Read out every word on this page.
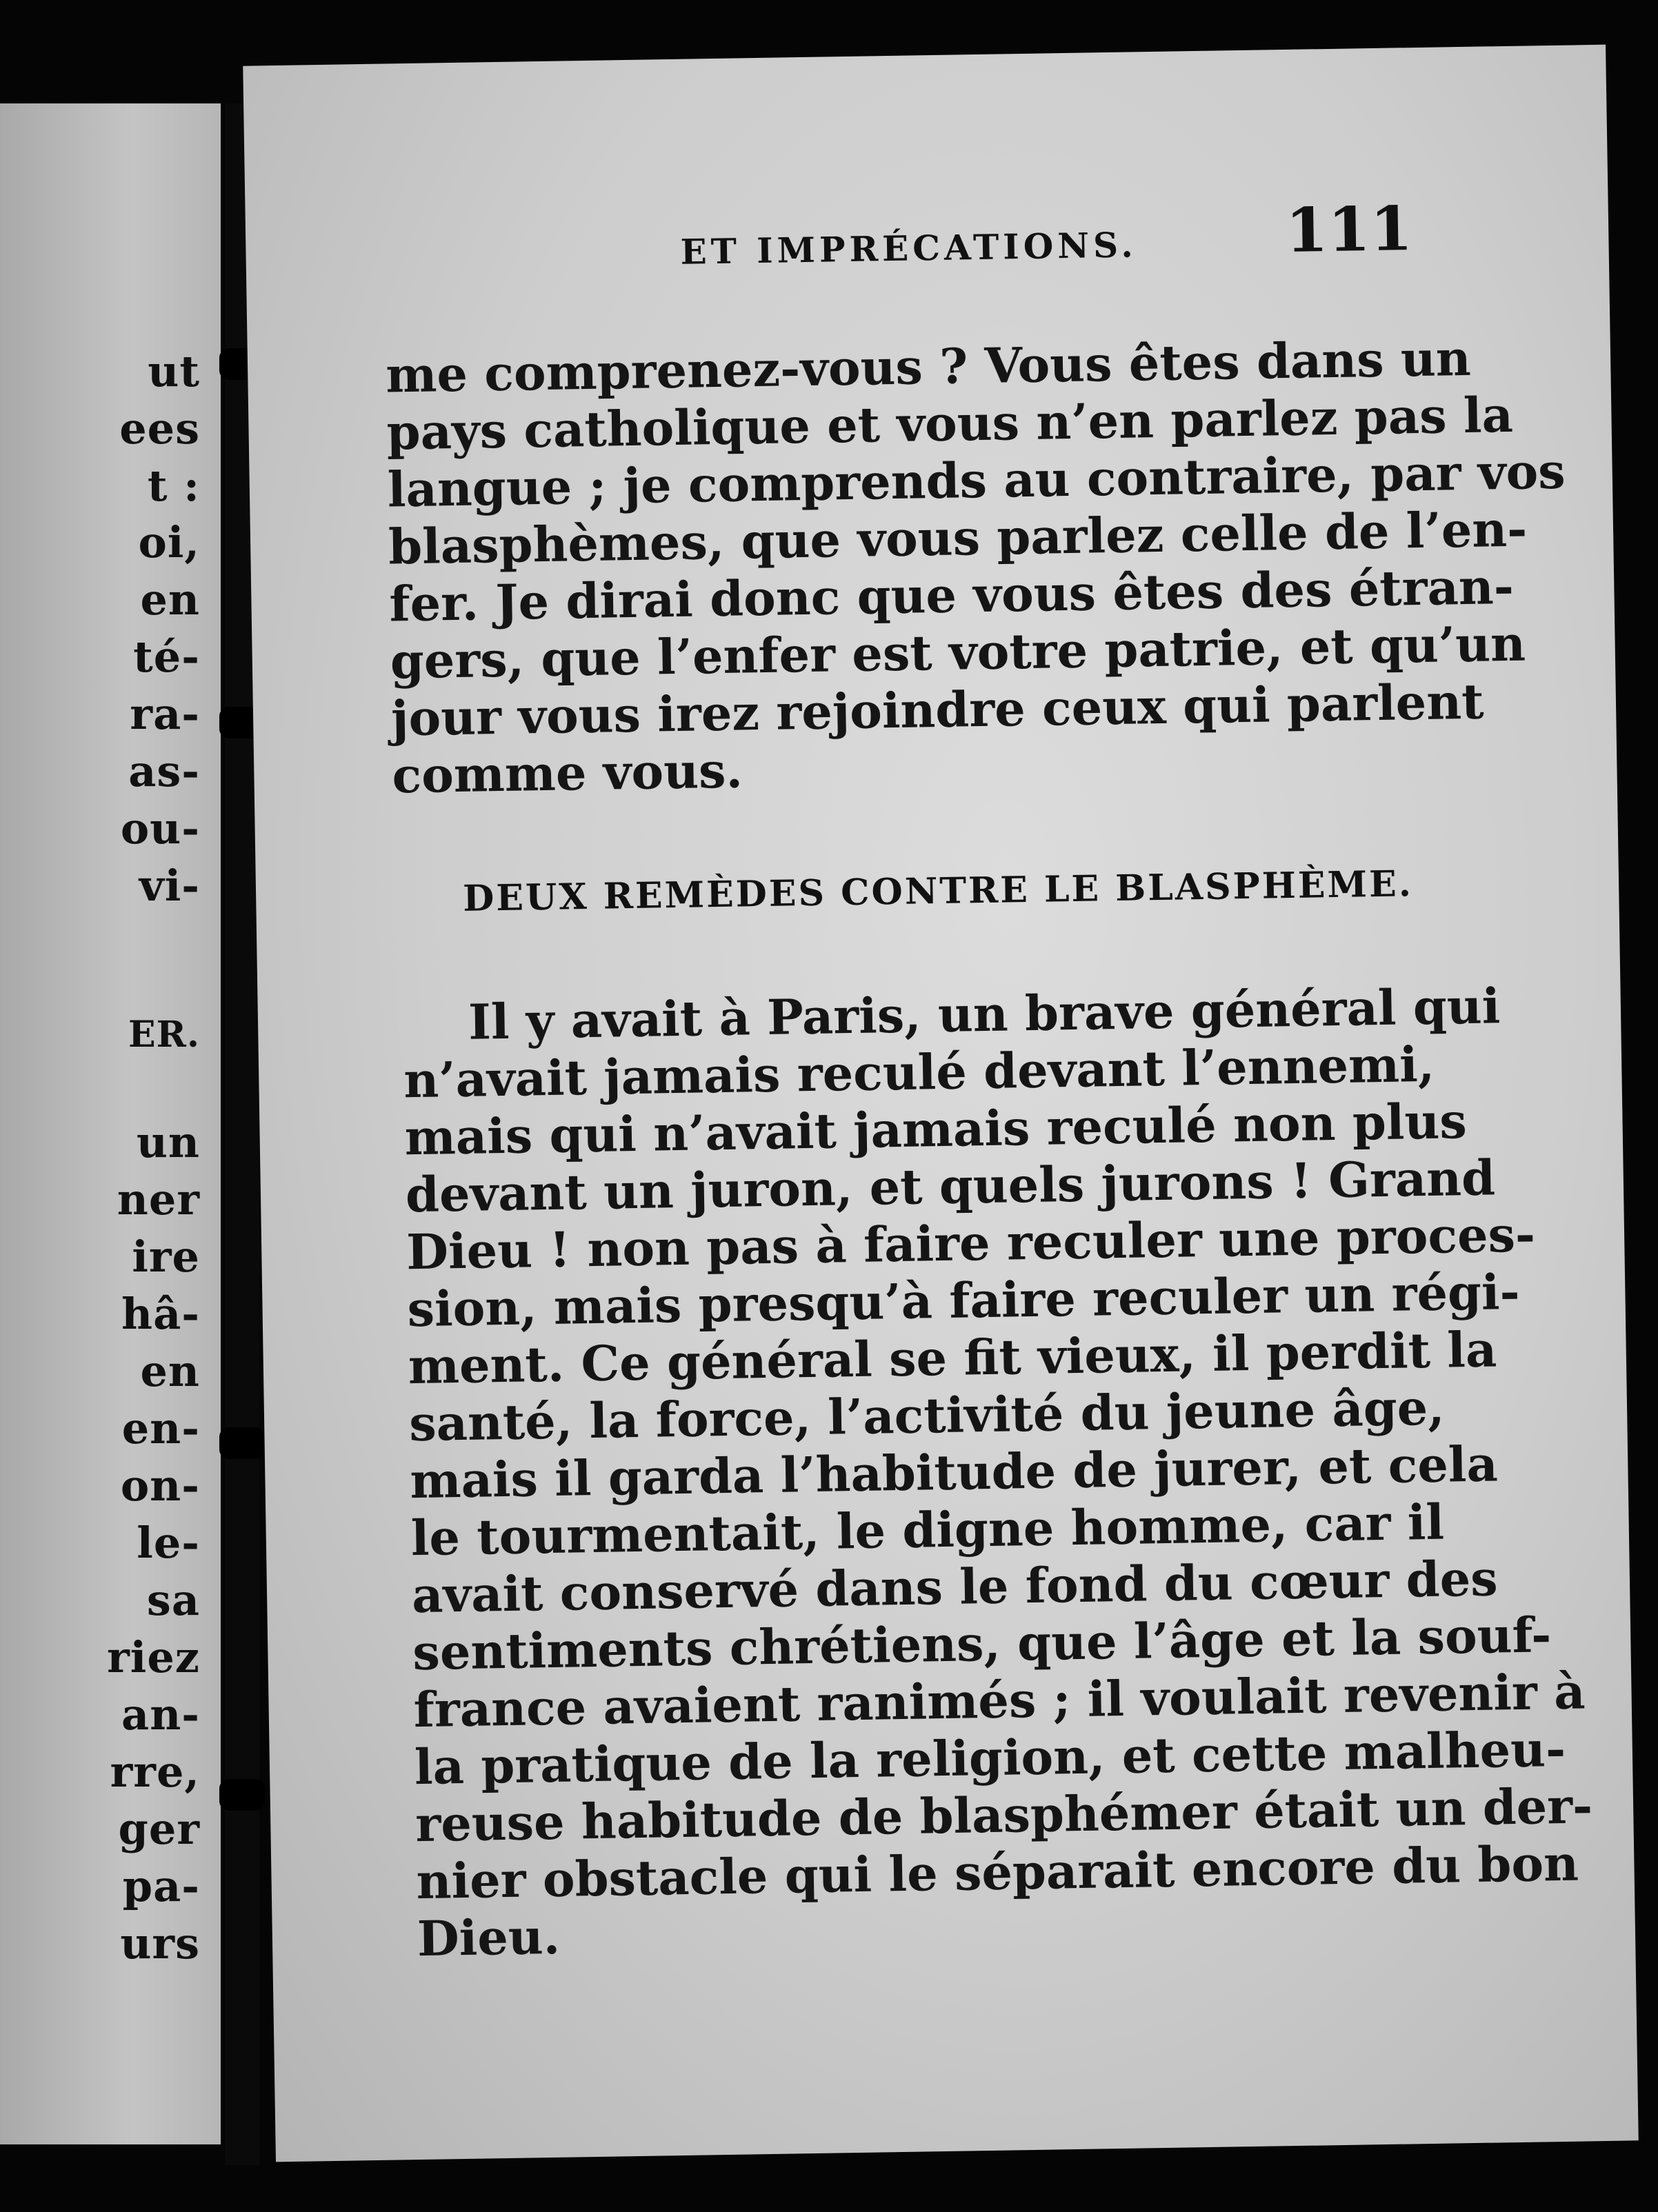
ut
ees
t :
oi,
en
té-
ra-
as-
ou-
vi-
ER.
un
ner
ire
hâ-
en
en-
on-
le-
sa
riez
an-
rre,
ger
pa-
urs
ET IMPRÉCATIONS. 111
me comprenez-vous ? Vous êtes dans un
pays catholique et vous n’en parlez pas la
langue ; je comprends au contraire, par vos
blasphèmes, que vous parlez celle de l’en-
fer. Je dirai donc que vous êtes des étran-
gers, que l’enfer est votre patrie, et qu’un
jour vous irez rejoindre ceux qui parlent
comme vous.
DEUX REMÈDES CONTRE LE BLASPHÈME.
Il y avait à Paris, un brave général qui
n’avait jamais reculé devant l’ennemi,
mais qui n’avait jamais reculé non plus
devant un juron, et quels jurons ! Grand
Dieu ! non pas à faire reculer une proces-
sion, mais presqu’à faire reculer un régi-
ment. Ce général se fit vieux, il perdit la
santé, la force, l’activité du jeune âge,
mais il garda l’habitude de jurer, et cela
le tourmentait, le digne homme, car il
avait conservé dans le fond du cœur des
sentiments chrétiens, que l’âge et la souf-
france avaient ranimés ; il voulait revenir à
la pratique de la religion, et cette malheu-
reuse habitude de blasphémer était un der-
nier obstacle qui le séparait encore du bon
Dieu.
